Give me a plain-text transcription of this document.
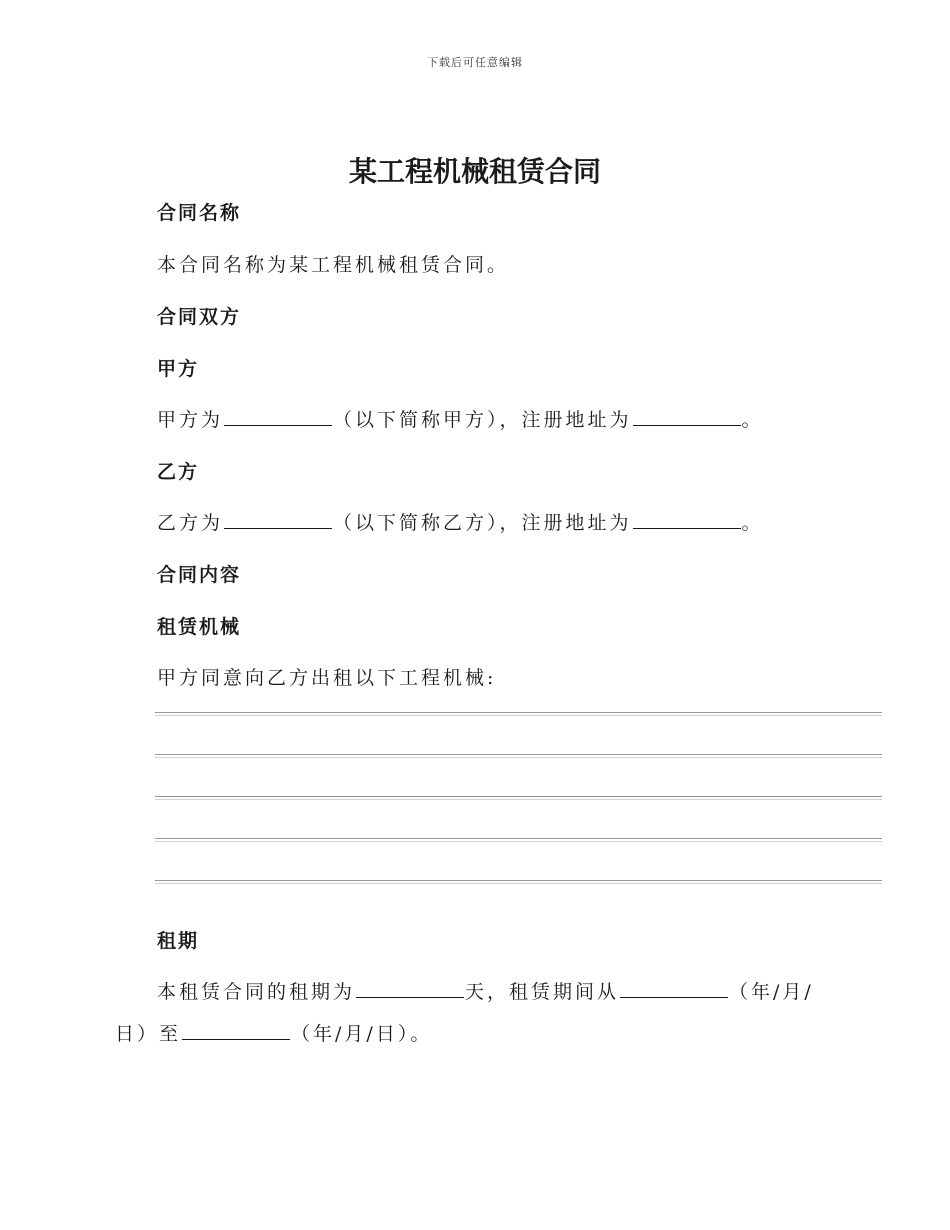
下载后可任意编辑
某工程机械租赁合同
合同名称

本合同名称为某工程机械租赁合同。

合同双方
甲方

甲方为	（以下简称甲方），注册地址为	。

乙方

乙方为	（以下简称乙方），注册地址为	。

合同内容
租赁机械

甲方同意向乙方出租以下工程机械:

租期

本租赁合同的租期为	天，租赁期间从	（年/月/

日）至	（年/月/日）。
